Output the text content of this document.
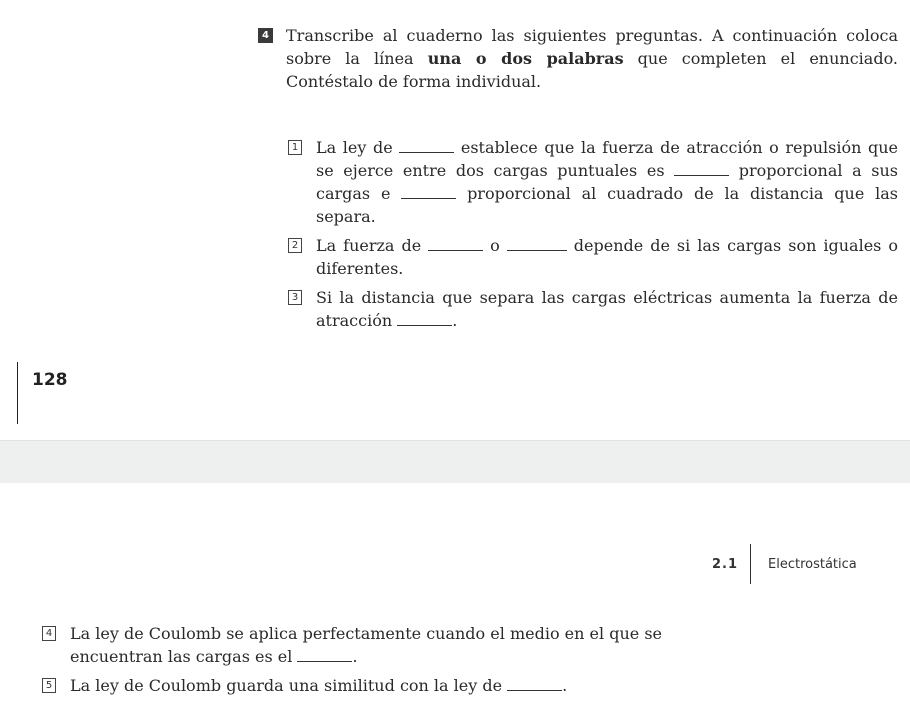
4 Transcribe al cuaderno las siguientes preguntas. A continuación coloca sobre la línea una o dos palabras que completen el enunciado. Contéstalo de forma individual.
1 La ley de	establece que la fuerza de atracción o repulsión que se ejerce entre dos cargas puntuales es	proporcional a sus cargas e	proporcional al cuadrado de la distancia que las separa.
2 La fuerza de	o	depende de si las cargas son iguales o diferentes.
3 Si la distancia que separa las cargas eléctricas aumenta la fuerza de atracción	.
128
2.1 Electrostática
4 La ley de Coulomb se aplica perfectamente cuando el medio en el que se encuentran las cargas es el	.
5 La ley de Coulomb guarda una similitud con la ley de	.
